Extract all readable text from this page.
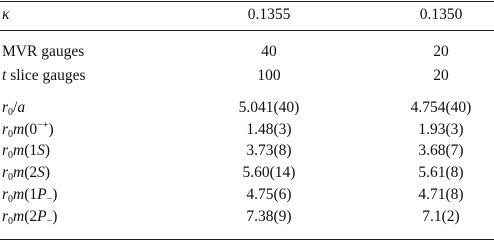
κ	0.1355	0.1350
MVR gauges	40	20
t slice gauges	100	20
$r_0/a$	5.041(40)	4.754(40)
$r_0m(0^{-+})$	1.48(3)	1.93(3)
$r_0m(1S)$	3.73(8)	3.68(7)
$r_0m(2S)$	5.60(14)	5.61(8)
$r_0m(1P_-)$	4.75(6)	4.71(8)
$r_0m(2P_-)$	7.38(9)	7.1(2)
